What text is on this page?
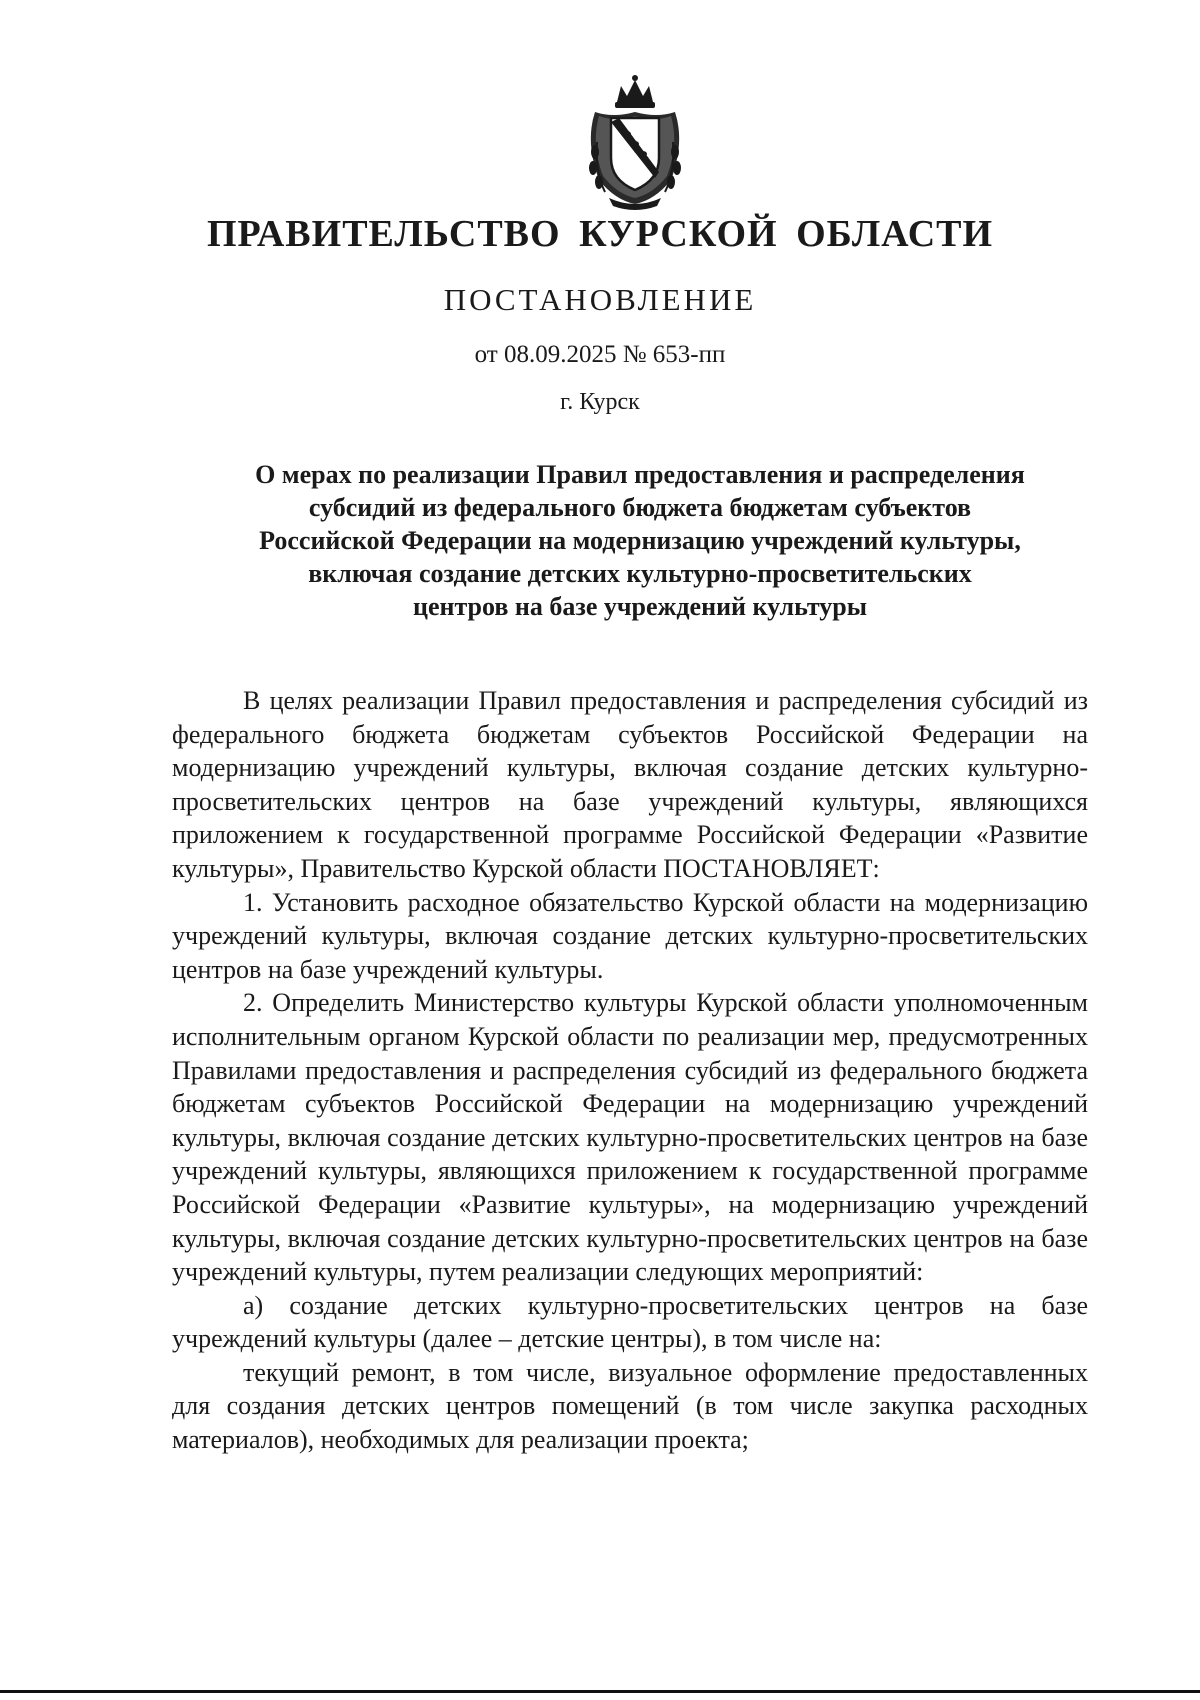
ПРАВИТЕЛЬСТВО КУРСКОЙ ОБЛАСТИ
ПОСТАНОВЛЕНИЕ
от 08.09.2025 № 653-пп
г. Курск
О мерах по реализации Правил предоставления и распределения
субсидий из федерального бюджета бюджетам субъектов
Российской Федерации на модернизацию учреждений культуры,
включая создание детских культурно-просветительских
центров на базе учреждений культуры

В целях реализации Правил предоставления и распределения субсидий из федерального бюджета бюджетам субъектов Российской Федерации на модернизацию учреждений культуры, включая создание детских культурно-просветительских центров на базе учреждений культуры, являющихся приложением к государственной программе Российской Федерации «Развитие культуры», Правительство Курской области ПОСТАНОВЛЯЕТ:

1. Установить расходное обязательство Курской области на модернизацию учреждений культуры, включая создание детских культурно-просветительских центров на базе учреждений культуры.

2. Определить Министерство культуры Курской области уполномоченным исполнительным органом Курской области по реализации мер, предусмотренных Правилами предоставления и распределения субсидий из федерального бюджета бюджетам субъектов Российской Федерации на модернизацию учреждений культуры, включая создание детских культурно-просветительских центров на базе учреждений культуры, являющихся приложением к государственной программе Российской Федерации «Развитие культуры», на модернизацию учреждений культуры, включая создание детских культурно-просветительских центров на базе учреждений культуры, путем реализации следующих мероприятий:

а) создание детских культурно-просветительских центров на базе учреждений культуры (далее – детские центры), в том числе на:

текущий ремонт, в том числе, визуальное оформление предоставленных для создания детских центров помещений (в том числе закупка расходных материалов), необходимых для реализации проекта;
